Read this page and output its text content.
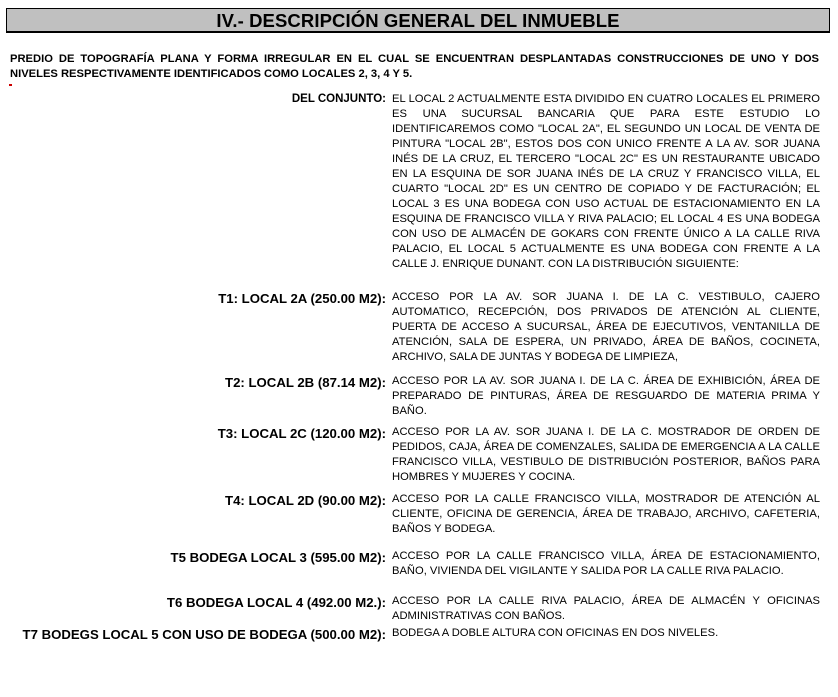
IV.- DESCRIPCIÓN GENERAL DEL INMUEBLE
PREDIO DE TOPOGRAFÍA PLANA Y FORMA IRREGULAR EN EL CUAL SE ENCUENTRAN DESPLANTADAS CONSTRUCCIONES DE UNO Y DOS NIVELES RESPECTIVAMENTE IDENTIFICADOS COMO LOCALES 2, 3, 4 Y 5.
DEL CONJUNTO: EL LOCAL 2 ACTUALMENTE ESTA DIVIDIDO EN CUATRO LOCALES EL PRIMERO ES UNA SUCURSAL BANCARIA QUE PARA ESTE ESTUDIO LO IDENTIFICAREMOS COMO "LOCAL 2A", EL SEGUNDO UN LOCAL DE VENTA DE PINTURA "LOCAL 2B", ESTOS DOS CON UNICO FRENTE A LA AV. SOR JUANA INÉS DE LA CRUZ, EL TERCERO "LOCAL 2C" ES UN RESTAURANTE UBICADO EN LA ESQUINA DE SOR JUANA INÉS DE LA CRUZ Y FRANCISCO VILLA, EL CUARTO "LOCAL 2D" ES UN CENTRO DE COPIADO Y DE FACTURACIÓN; EL LOCAL 3 ES UNA BODEGA CON USO ACTUAL DE ESTACIONAMIENTO EN LA ESQUINA DE FRANCISCO VILLA Y RIVA PALACIO; EL LOCAL 4 ES UNA BODEGA CON USO DE ALMACÉN DE GOKARS CON FRENTE ÚNICO A LA CALLE RIVA PALACIO, EL LOCAL 5 ACTUALMENTE ES UNA BODEGA CON FRENTE A LA CALLE J. ENRIQUE DUNANT. CON LA DISTRIBUCIÓN SIGUIENTE:
T1: LOCAL 2A (250.00 M2): ACCESO POR LA AV. SOR JUANA I. DE LA C. VESTIBULO, CAJERO AUTOMATICO, RECEPCIÓN, DOS PRIVADOS DE ATENCIÓN AL CLIENTE, PUERTA DE ACCESO A SUCURSAL, ÁREA DE EJECUTIVOS, VENTANILLA DE ATENCIÓN, SALA DE ESPERA, UN PRIVADO, ÁREA DE BAÑOS, COCINETA, ARCHIVO, SALA DE JUNTAS Y BODEGA DE LIMPIEZA,
T2: LOCAL 2B (87.14 M2): ACCESO POR LA AV. SOR JUANA I. DE LA C. ÁREA DE EXHIBICIÓN, ÁREA DE PREPARADO DE PINTURAS, ÁREA DE RESGUARDO DE MATERIA PRIMA Y BAÑO.
T3: LOCAL 2C (120.00 M2): ACCESO POR LA AV. SOR JUANA I. DE LA C. MOSTRADOR DE ORDEN DE PEDIDOS, CAJA, ÁREA DE COMENZALES, SALIDA DE EMERGENCIA A LA CALLE FRANCISCO VILLA, VESTIBULO DE DISTRIBUCIÓN POSTERIOR, BAÑOS PARA HOMBRES Y MUJERES Y COCINA.
T4: LOCAL 2D (90.00 M2): ACCESO POR LA CALLE FRANCISCO VILLA, MOSTRADOR DE ATENCIÓN AL CLIENTE, OFICINA DE GERENCIA, ÁREA DE TRABAJO, ARCHIVO, CAFETERIA, BAÑOS Y BODEGA.
T5 BODEGA LOCAL 3 (595.00 M2): ACCESO POR LA CALLE FRANCISCO VILLA, ÁREA DE ESTACIONAMIENTO, BAÑO, VIVIENDA DEL VIGILANTE Y SALIDA POR LA CALLE RIVA PALACIO.
T6 BODEGA LOCAL 4 (492.00 M2.): ACCESO POR LA CALLE RIVA PALACIO, ÁREA DE ALMACÉN Y OFICINAS ADMINISTRATIVAS CON BAÑOS.
T7 BODEGS LOCAL 5 CON USO DE BODEGA (500.00 M2): BODEGA A DOBLE ALTURA CON OFICINAS EN DOS NIVELES.
